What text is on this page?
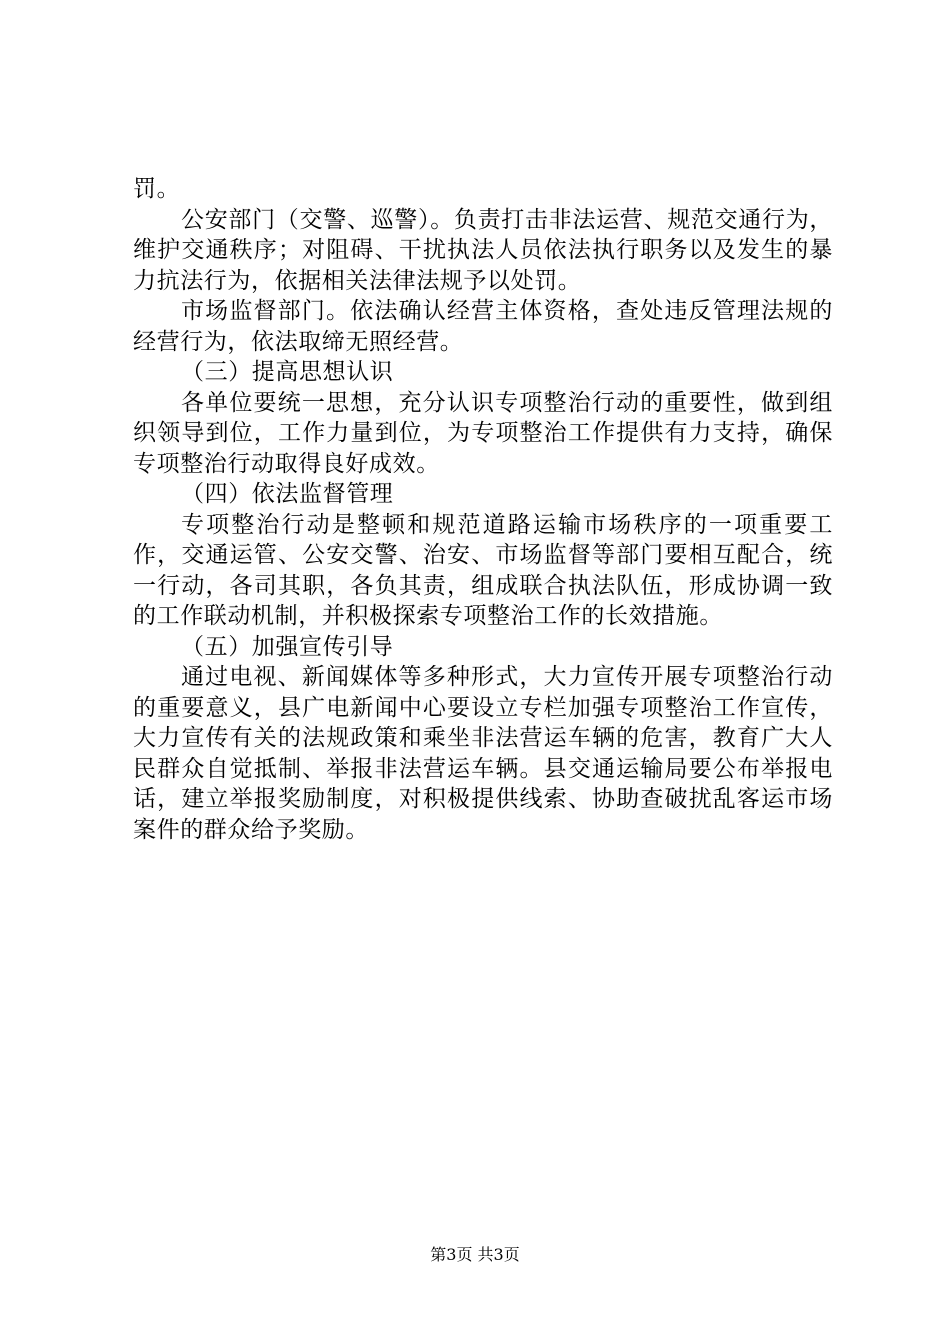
罚。

公安部门（交警、巡警）。负责打击非法运营、规范交通行为，维护交通秩序；对阻碍、干扰执法人员依法执行职务以及发生的暴力抗法行为，依据相关法律法规予以处罚。

市场监督部门。依法确认经营主体资格，查处违反管理法规的经营行为，依法取缔无照经营。

（三）提高思想认识

各单位要统一思想，充分认识专项整治行动的重要性，做到组织领导到位，工作力量到位，为专项整治工作提供有力支持，确保专项整治行动取得良好成效。

（四）依法监督管理

专项整治行动是整顿和规范道路运输市场秩序的一项重要工作，交通运管、公安交警、治安、市场监督等部门要相互配合，统一行动，各司其职，各负其责，组成联合执法队伍，形成协调一致的工作联动机制，并积极探索专项整治工作的长效措施。

（五）加强宣传引导

通过电视、新闻媒体等多种形式，大力宣传开展专项整治行动的重要意义，县广电新闻中心要设立专栏加强专项整治工作宣传，大力宣传有关的法规政策和乘坐非法营运车辆的危害，教育广大人民群众自觉抵制、举报非法营运车辆。县交通运输局要公布举报电话，建立举报奖励制度，对积极提供线索、协助查破扰乱客运市场案件的群众给予奖励。

第3页 共3页
